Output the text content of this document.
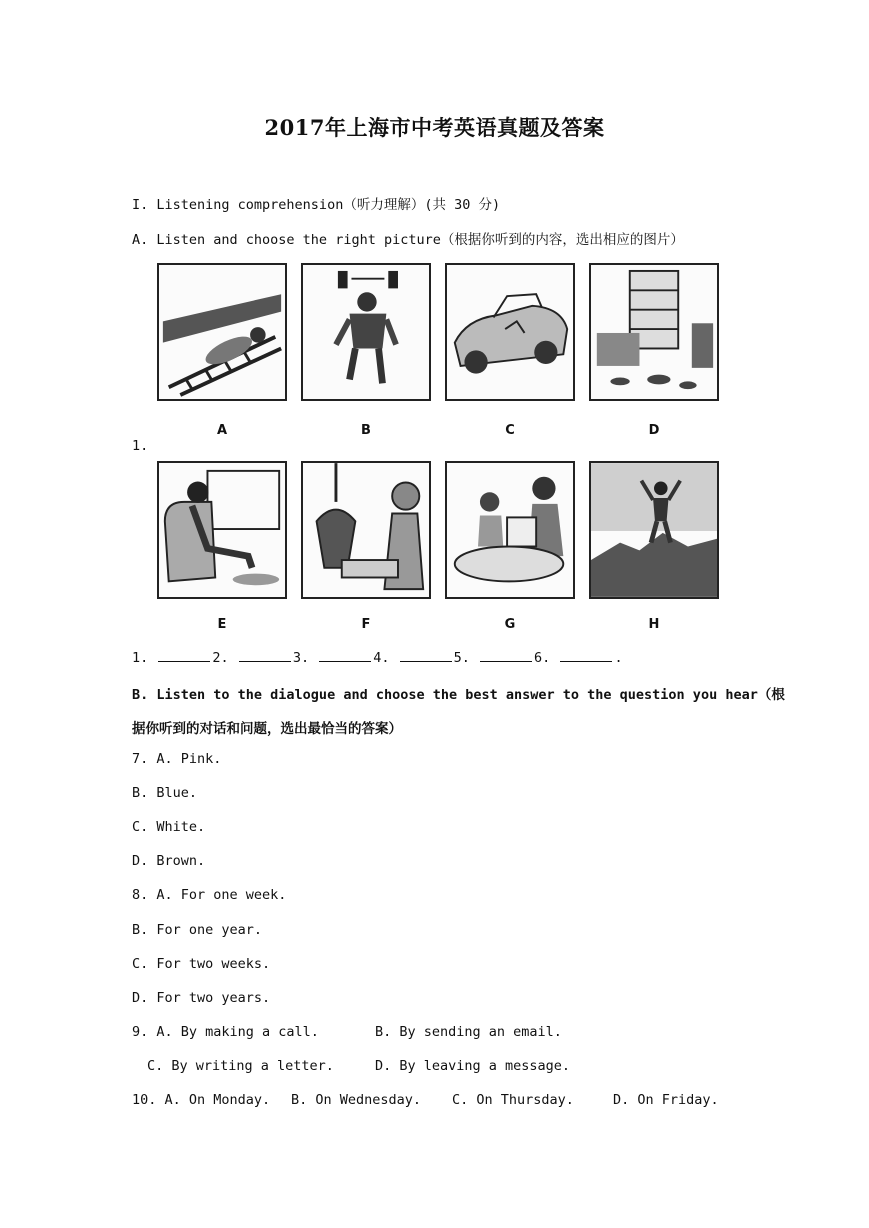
2017年上海市中考英语真题及答案
I. Listening comprehension（听力理解）(共 30 分)
A. Listen and choose the right picture（根据你听到的内容，选出相应的图片）
A	B	C	D
1.
E	F	G	H
1.	2.	3.	4.	5.	6.	.
B. Listen to the dialogue and choose the best answer to the question you hear（根
据你听到的对话和问题，选出最恰当的答案）
7. A. Pink.
B. Blue.
C. White.
D. Brown.
8. A. For one week.
B. For one year.
C. For two weeks.
D. For two years.
9. A. By making a call.	B. By sending an email.
C. By writing a letter.	D. By leaving a message.
10. A. On Monday. B. On Wednesday. C. On Thursday.	D. On Friday.
